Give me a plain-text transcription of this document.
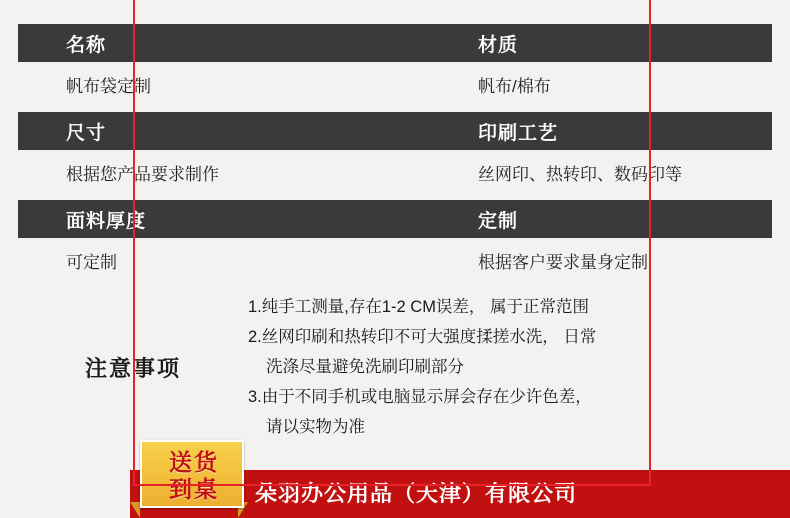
名称	材质
帆布袋定制	帆布/棉布

尺寸	印刷工艺
根据您产品要求制作	丝网印、热转印、数码印等

面料厚度	定制
可定制	根据客户要求量身定制
注意事项
1.纯手工测量,存在1-2 CM误差， 属于正常范围
2.丝网印刷和热转印不可大强度揉搓水洗， 日常
洗涤尽量避免洗刷印刷部分
3.由于不同手机或电脑显示屏会存在少许色差，
请以实物为准
朵羽办公用品（天津）有限公司
送货
到桌
